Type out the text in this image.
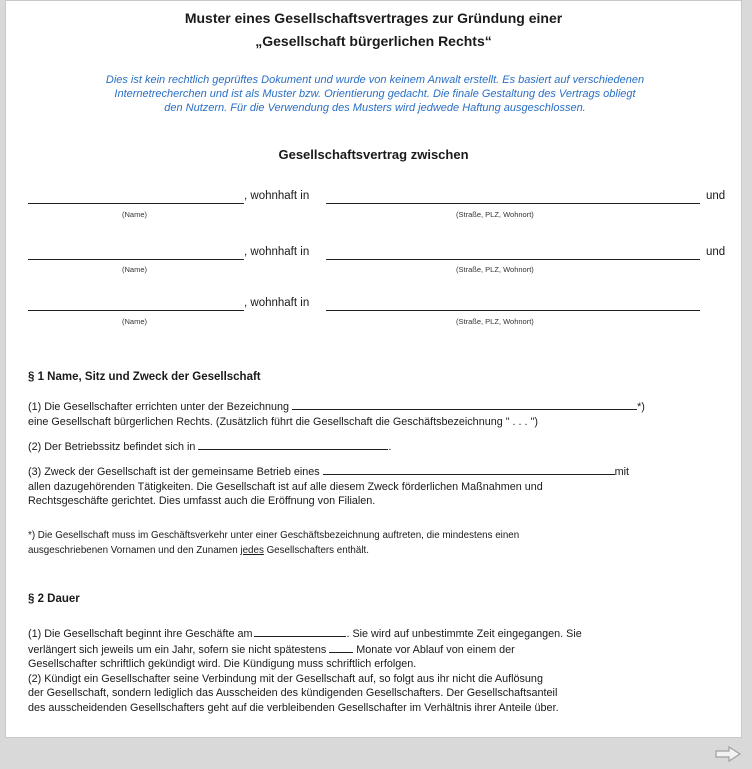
Muster eines Gesellschaftsvertrages zur Gründung einer
„Gesellschaft bürgerlichen Rechts“
Dies ist kein rechtlich geprüftes Dokument und wurde von keinem Anwalt erstellt. Es basiert auf verschiedenen
Internetrecherchen und ist als Muster bzw. Orientierung gedacht. Die finale Gestaltung des Vertrags obliegt
den Nutzern. Für die Verwendung des Musters wird jedwede Haftung ausgeschlossen.
Gesellschaftsvertrag zwischen
, wohnhaft in	und
(Name)	(Straße, PLZ, Wohnort)
, wohnhaft in	und
(Name)	(Straße, PLZ, Wohnort)
, wohnhaft in
(Name)	(Straße, PLZ, Wohnort)
§ 1 Name, Sitz und Zweck der Gesellschaft
(1) Die Gesellschafter errichten unter der Bezeichnung	*)
eine Gesellschaft bürgerlichen Rechts. (Zusätzlich führt die Gesellschaft die Geschäftsbezeichnung " . . . ")
(2) Der Betriebssitz befindet sich in	.
(3) Zweck der Gesellschaft ist der gemeinsame Betrieb eines	mit
allen dazugehörenden Tätigkeiten. Die Gesellschaft ist auf alle diesem Zweck förderlichen Maßnahmen und
Rechtsgeschäfte gerichtet. Dies umfasst auch die Eröffnung von Filialen.
*) Die Gesellschaft muss im Geschäftsverkehr unter einer Geschäftsbezeichnung auftreten, die mindestens einen
ausgeschriebenen Vornamen und den Zunamen jedes Gesellschafters enthält.
§ 2 Dauer
(1) Die Gesellschaft beginnt ihre Geschäfte am	. Sie wird auf unbestimmte Zeit eingegangen. Sie
verlängert sich jeweils um ein Jahr, sofern sie nicht spätestens	Monate vor Ablauf von einem der
Gesellschafter schriftlich gekündigt wird. Die Kündigung muss schriftlich erfolgen.
(2) Kündigt ein Gesellschafter seine Verbindung mit der Gesellschaft auf, so folgt aus ihr nicht die Auflösung
der Gesellschaft, sondern lediglich das Ausscheiden des kündigenden Gesellschafters. Der Gesellschaftsanteil
des ausscheidenden Gesellschafters geht auf die verbleibenden Gesellschafter im Verhältnis ihrer Anteile über.
